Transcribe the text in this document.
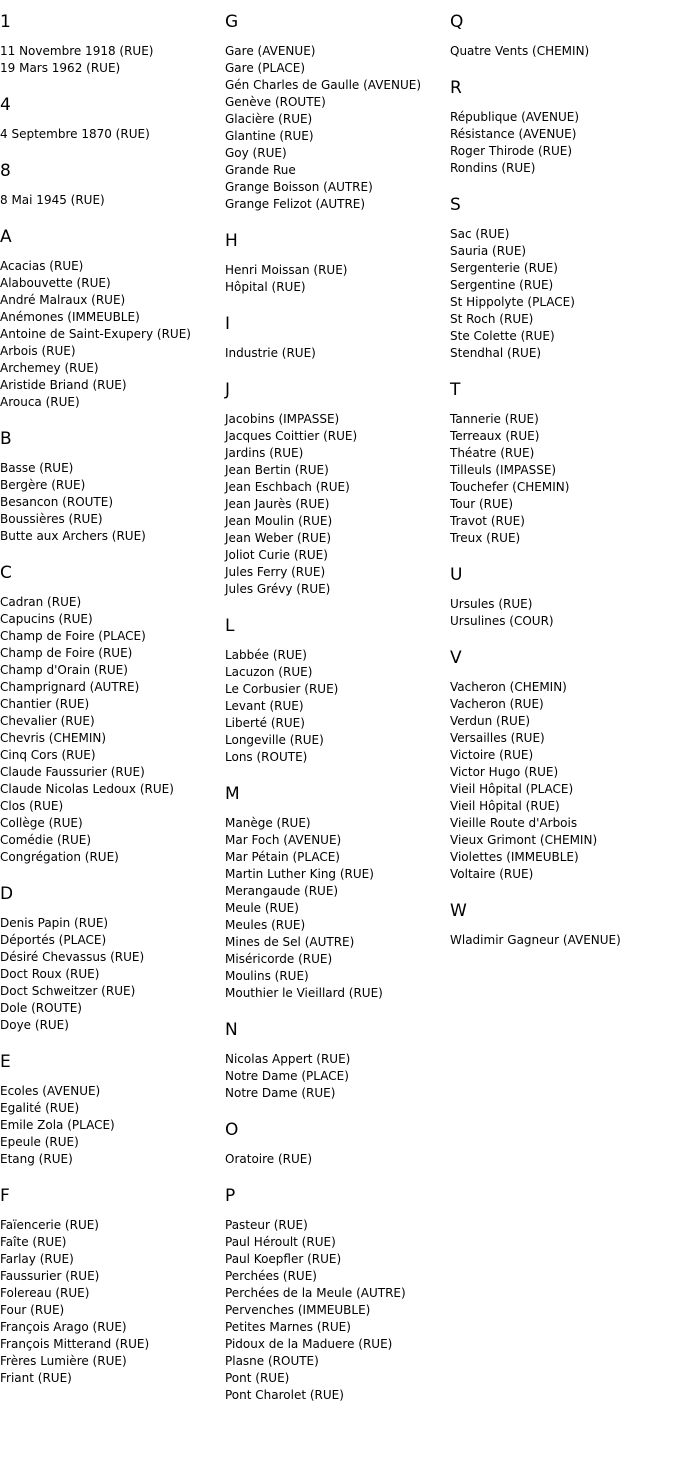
1
11 Novembre 1918 (RUE)
19 Mars 1962 (RUE)
4
4 Septembre 1870 (RUE)
8
8 Mai 1945 (RUE)
A
Acacias (RUE)
Alabouvette (RUE)
André Malraux (RUE)
Anémones (IMMEUBLE)
Antoine de Saint-Exupery (RUE)
Arbois (RUE)
Archemey (RUE)
Aristide Briand (RUE)
Arouca (RUE)
B
Basse (RUE)
Bergère (RUE)
Besancon (ROUTE)
Boussières (RUE)
Butte aux Archers (RUE)
C
Cadran (RUE)
Capucins (RUE)
Champ de Foire (PLACE)
Champ de Foire (RUE)
Champ d'Orain (RUE)
Champrignard (AUTRE)
Chantier (RUE)
Chevalier (RUE)
Chevris (CHEMIN)
Cinq Cors (RUE)
Claude Faussurier (RUE)
Claude Nicolas Ledoux (RUE)
Clos (RUE)
Collège (RUE)
Comédie (RUE)
Congrégation (RUE)
D
Denis Papin (RUE)
Déportés (PLACE)
Désiré Chevassus (RUE)
Doct Roux (RUE)
Doct Schweitzer (RUE)
Dole (ROUTE)
Doye (RUE)
E
Ecoles (AVENUE)
Egalité (RUE)
Emile Zola (PLACE)
Epeule (RUE)
Etang (RUE)
F
Faïencerie (RUE)
Faîte (RUE)
Farlay (RUE)
Faussurier (RUE)
Folereau (RUE)
Four (RUE)
François Arago (RUE)
François Mitterand (RUE)
Frères Lumière (RUE)
Friant (RUE)
G
Gare (AVENUE)
Gare (PLACE)
Gén Charles de Gaulle (AVENUE)
Genève (ROUTE)
Glacière (RUE)
Glantine (RUE)
Goy (RUE)
Grande Rue
Grange Boisson (AUTRE)
Grange Felizot (AUTRE)
H
Henri Moissan (RUE)
Hôpital (RUE)
I
Industrie (RUE)
J
Jacobins (IMPASSE)
Jacques Coittier (RUE)
Jardins (RUE)
Jean Bertin (RUE)
Jean Eschbach (RUE)
Jean Jaurès (RUE)
Jean Moulin (RUE)
Jean Weber (RUE)
Joliot Curie (RUE)
Jules Ferry (RUE)
Jules Grévy (RUE)
L
Labbée (RUE)
Lacuzon (RUE)
Le Corbusier (RUE)
Levant (RUE)
Liberté (RUE)
Longeville (RUE)
Lons (ROUTE)
M
Manège (RUE)
Mar Foch (AVENUE)
Mar Pétain (PLACE)
Martin Luther King (RUE)
Merangaude (RUE)
Meule (RUE)
Meules (RUE)
Mines de Sel (AUTRE)
Miséricorde (RUE)
Moulins (RUE)
Mouthier le Vieillard (RUE)
N
Nicolas Appert (RUE)
Notre Dame (PLACE)
Notre Dame (RUE)
O
Oratoire (RUE)
P
Pasteur (RUE)
Paul Héroult (RUE)
Paul Koepfler (RUE)
Perchées (RUE)
Perchées de la Meule (AUTRE)
Pervenches (IMMEUBLE)
Petites Marnes (RUE)
Pidoux de la Maduere (RUE)
Plasne (ROUTE)
Pont (RUE)
Pont Charolet (RUE)
Q
Quatre Vents (CHEMIN)
R
République (AVENUE)
Résistance (AVENUE)
Roger Thirode (RUE)
Rondins (RUE)
S
Sac (RUE)
Sauria (RUE)
Sergenterie (RUE)
Sergentine (RUE)
St Hippolyte (PLACE)
St Roch (RUE)
Ste Colette (RUE)
Stendhal (RUE)
T
Tannerie (RUE)
Terreaux (RUE)
Théatre (RUE)
Tilleuls (IMPASSE)
Touchefer (CHEMIN)
Tour (RUE)
Travot (RUE)
Treux (RUE)
U
Ursules (RUE)
Ursulines (COUR)
V
Vacheron (CHEMIN)
Vacheron (RUE)
Verdun (RUE)
Versailles (RUE)
Victoire (RUE)
Victor Hugo (RUE)
Vieil Hôpital (PLACE)
Vieil Hôpital (RUE)
Vieille Route d'Arbois
Vieux Grimont (CHEMIN)
Violettes (IMMEUBLE)
Voltaire (RUE)
W
Wladimir Gagneur (AVENUE)
